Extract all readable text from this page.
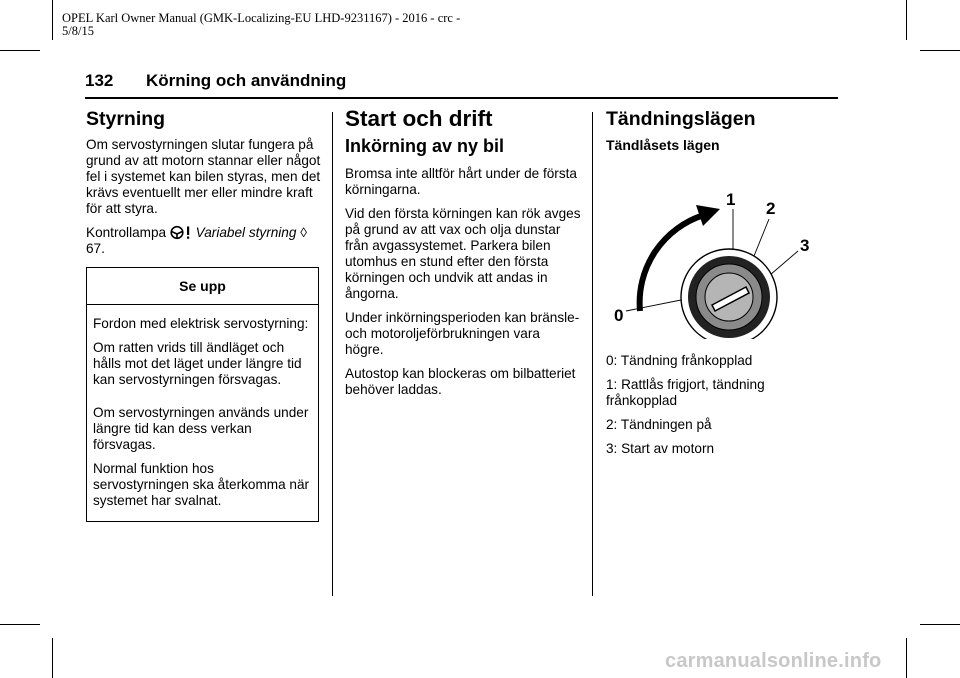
OPEL Karl Owner Manual (GMK-Localizing-EU LHD-9231167) - 2016 - crc -
5/8/15
132 Körning och användning
Styrning

Om servostyrningen slutar fungera på grund av att motorn stannar eller något fel i systemet kan bilen styras, men det krävs eventuellt mer eller mindre kraft för att styra.

Kontrollampa Variabel styrning ◊ 67.

Se upp

Fordon med elektrisk servostyrning:

Om ratten vrids till ändläget och hålls mot det läget under längre tid kan servostyrningen försvagas.

Om servostyrningen används under längre tid kan dess verkan försvagas.

Normal funktion hos servostyrningen ska återkomma när systemet har svalnat.

Start och drift
Inkörning av ny bil

Bromsa inte alltför hårt under de första körningarna.

Vid den första körningen kan rök avges på grund av att vax och olja dunstar från avgassystemet. Parkera bilen utomhus en stund efter den första körningen och undvik att andas in ångorna.

Under inkörningsperioden kan bränsle- och motoroljeförbrukningen vara högre.

Autostop kan blockeras om bilbatteriet behöver laddas.

Tändningslägen
Tändlåsets lägen
0
1 2
3

0: Tändning frånkopplad

1: Rattlås frigjort, tändning frånkopplad

2: Tändningen på

3: Start av motorn

carmanualsonline.info
